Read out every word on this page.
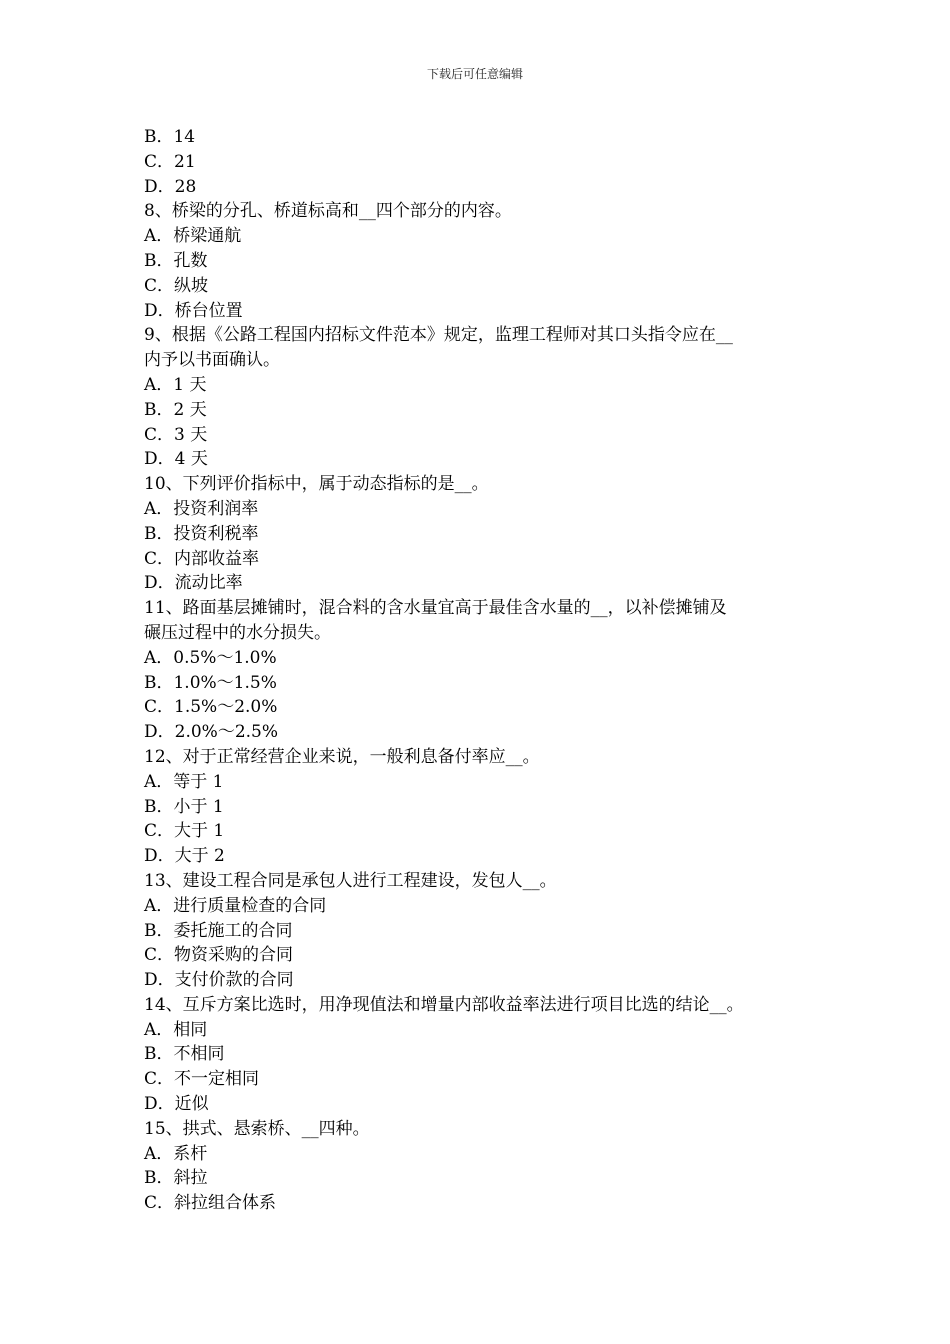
下载后可任意编辑
B．14
C．21
D．28
8、桥梁的分孔、桥道标高和__四个部分的内容。
A．桥梁通航
B．孔数
C．纵坡
D．桥台位置
9、根据《公路工程国内招标文件范本》规定，监理工程师对其口头指令应在__
内予以书面确认。
A．1 天
B．2 天
C．3 天
D．4 天
10、下列评价指标中，属于动态指标的是__。
A．投资利润率
B．投资利税率
C．内部收益率
D．流动比率
11、路面基层摊铺时，混合料的含水量宜高于最佳含水量的__，以补偿摊铺及
碾压过程中的水分损失。
A．0.5%～1.0%
B．1.0%～1.5%
C．1.5%～2.0%
D．2.0%～2.5%
12、对于正常经营企业来说，一般利息备付率应__。
A．等于 1
B．小于 1
C．大于 1
D．大于 2
13、建设工程合同是承包人进行工程建设，发包人__。
A．进行质量检查的合同
B．委托施工的合同
C．物资采购的合同
D．支付价款的合同
14、互斥方案比选时，用净现值法和增量内部收益率法进行项目比选的结论__。
A．相同
B．不相同
C．不一定相同
D．近似
15、拱式、悬索桥、__四种。
A．系杆
B．斜拉
C．斜拉组合体系
